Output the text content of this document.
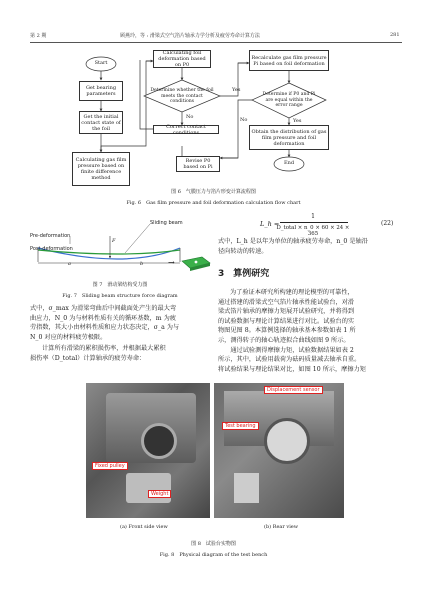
第 2 期	顾燕玲，等 : 滑梁式空气箔片轴承力学分析及疲劳寿命计算方法	281
Start
End
Get bearing parameters
Get the initial contact state of the foil
Calculating gas film pressure based on finite difference method
Calculating foil deformation based on P0
Determine whether the foil meets the contact conditions
Correct contact conditions
Revise P0 based on Pi
Recalculate gas film pressure Pi based on foil deformation
Determine if P0 and Pi are equal within the error range
Obtain the distribution of gas film pressure and foil deformation
Yes
No	No	Yes
图 6　气膜压力与箔片形变计算流程图
Fig. 6　Gas film pressure and foil deformation calculation flow chart
Sliding beam
Pre-deformation
Post-deformation
F
a	b	→
图 7　滑动梁结构受力图
Fig. 7　Sliding beam structure force diagram
式中，σ_max 为滑梁弯曲后中间截面处产生的最大弯
曲应力，N_0 为与材料性质有关的循环基数，m 为疲
劳指数，其大小由材料性质和应力状态决定，σ_a 为与
N_0 对应的材料疲劳极限。
计算所有滑梁的累积损伤率，并根据最大累积
损伤率（D_total）计算轴承的疲劳寿命：
L_h =
1
D_total × n_0 × 60 × 24 × 365
(22)
式中，L_h 是以年为单位的轴承疲劳寿命，n_0 是轴沿
径向转动的转速。
3　算例研究
为了验证本研究所构建的理论模型的可靠性，
通过搭建的滑梁式空气箔片轴承性能试验台，对滑
梁式箔片轴承的摩擦力矩展开试验研究，并将得到
的试验数据与理论计算结果进行对比。试验台的实
物图见图 8。本算例选择的轴承基本参数如表 1 所
示，测得转子的轴心轨迹拟合曲线如图 9 所示。
　　通过试验测得摩擦力矩，试验数据结果如表 2
所示，其中，试验用载荷为砝码质量减去轴承自重。
将试验结果与理论结果对比，如图 10 所示，摩擦力矩
Fixed pulley
Weight
Displacement sensor
Test bearing
(a) Front side view	(b) Rear view
图 8　试验台实物图
Fig. 8　Physical diagram of the test bench
